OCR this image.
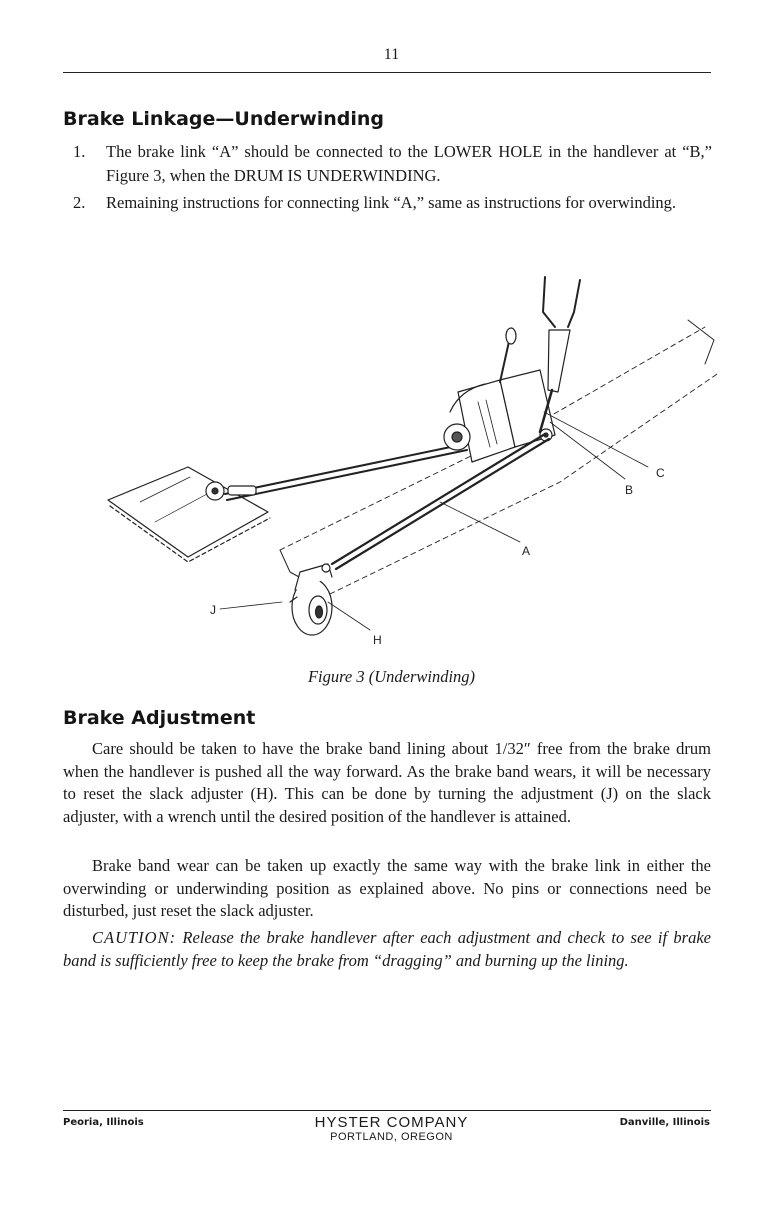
11
Brake Linkage—Underwinding
1.	The brake link “A” should be connected to the LOWER HOLE in the handlever at “B,” Figure 3, when the DRUM IS UNDERWINDING.
2.	Remaining instructions for connecting link “A,” same as instructions for overwinding.
C
B
A
J
H
Figure 3 (Underwinding)
Brake Adjustment
Care should be taken to have the brake band lining about 1/32″ free from the brake drum when the handlever is pushed all the way forward. As the brake band wears, it will be necessary to reset the slack adjuster (H). This can be done by turning the adjustment (J) on the slack adjuster, with a wrench until the desired position of the handlever is attained.
Brake band wear can be taken up exactly the same way with the brake link in either the overwinding or underwinding position as explained above. No pins or connections need be disturbed, just reset the slack adjuster.
CAUTION: Release the brake handlever after each adjustment and check to see if brake band is sufficiently free to keep the brake from “dragging” and burning up the lining.
Peoria, Illinois	HYSTER COMPANY
PORTLAND, OREGON
Danville, Illinois
